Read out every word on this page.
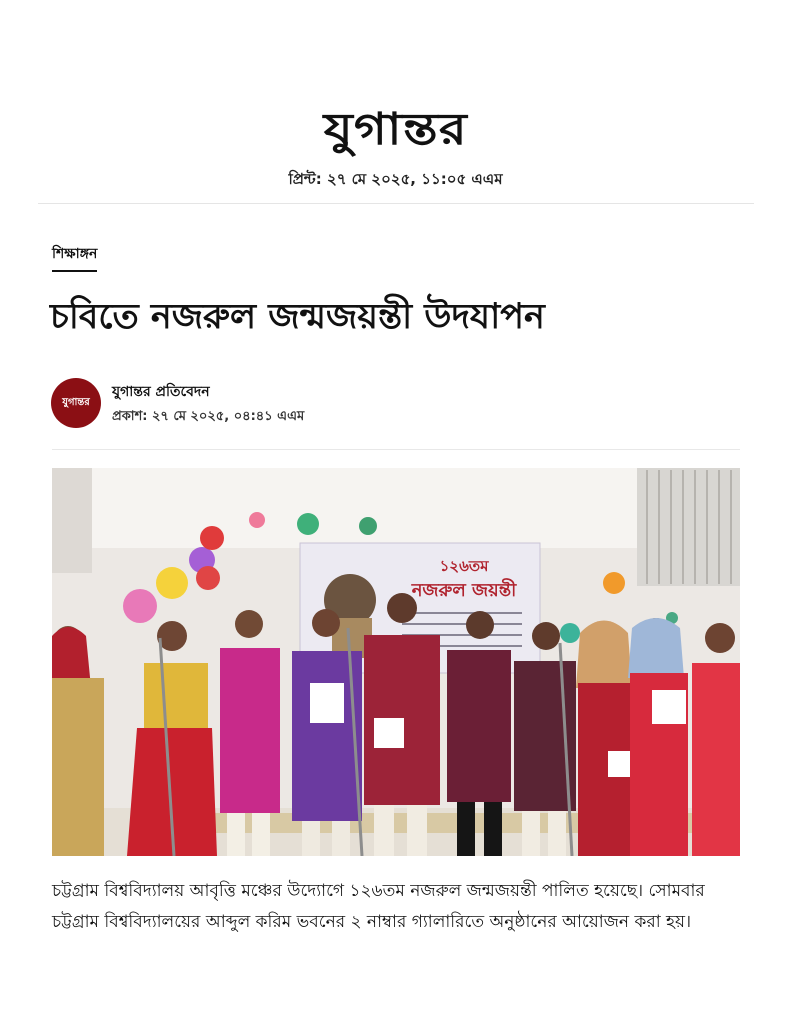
যুগান্তর
প্রিন্ট: ২৭ মে ২০২৫, ১১:০৫ এএম
শিক্ষাঙ্গন
চবিতে নজরুল জন্মজয়ন্তী উদযাপন
যুগান্তর
যুগান্তর প্রতিবেদন
প্রকাশ: ২৭ মে ২০২৫, ০৪:৪১ এএম
১২৬তম
নজরুল জয়ন্তী

চট্টগ্রাম বিশ্ববিদ্যালয় আবৃত্তি মঞ্চের উদ্যোগে ১২৬তম নজরুল জন্মজয়ন্তী পালিত হয়েছে। সোমবার চট্টগ্রাম বিশ্ববিদ্যালয়ের আব্দুল করিম ভবনের ২ নাম্বার গ্যালারিতে অনুষ্ঠানের আয়োজন করা হয়।
